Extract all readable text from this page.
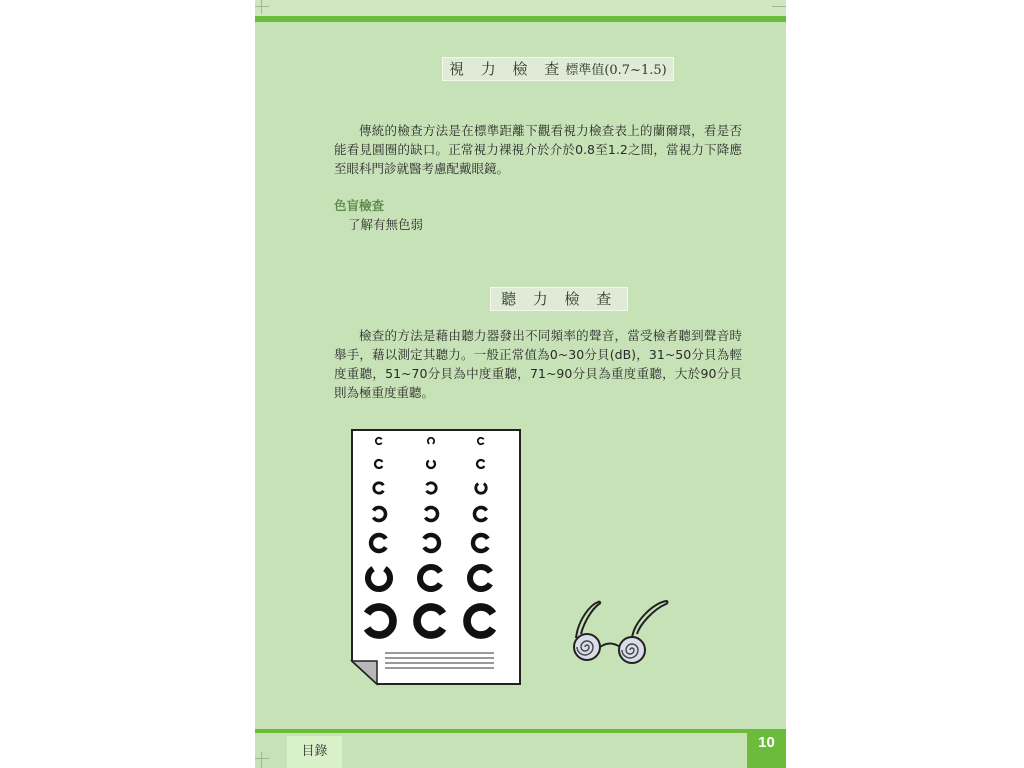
視 力 檢 查標準值(0.7~1.5)

傳統的檢查方法是在標準距離下觀看視力檢查表上的蘭爾環，看是否能看見圓圈的缺口。正常視力裸視介於介於0.8至1.2之間，當視力下降應至眼科門診就醫考慮配戴眼鏡。

色盲檢查
了解有無色弱
聽 力 檢 查

檢查的方法是藉由聽力器發出不同頻率的聲音，當受檢者聽到聲音時舉手，藉以測定其聽力。一般正常值為0~30分貝(dB)，31~50分貝為輕度重聽，51~70分貝為中度重聽，71~90分貝為重度重聽，大於90分貝則為極重度重聽。

目錄
10
